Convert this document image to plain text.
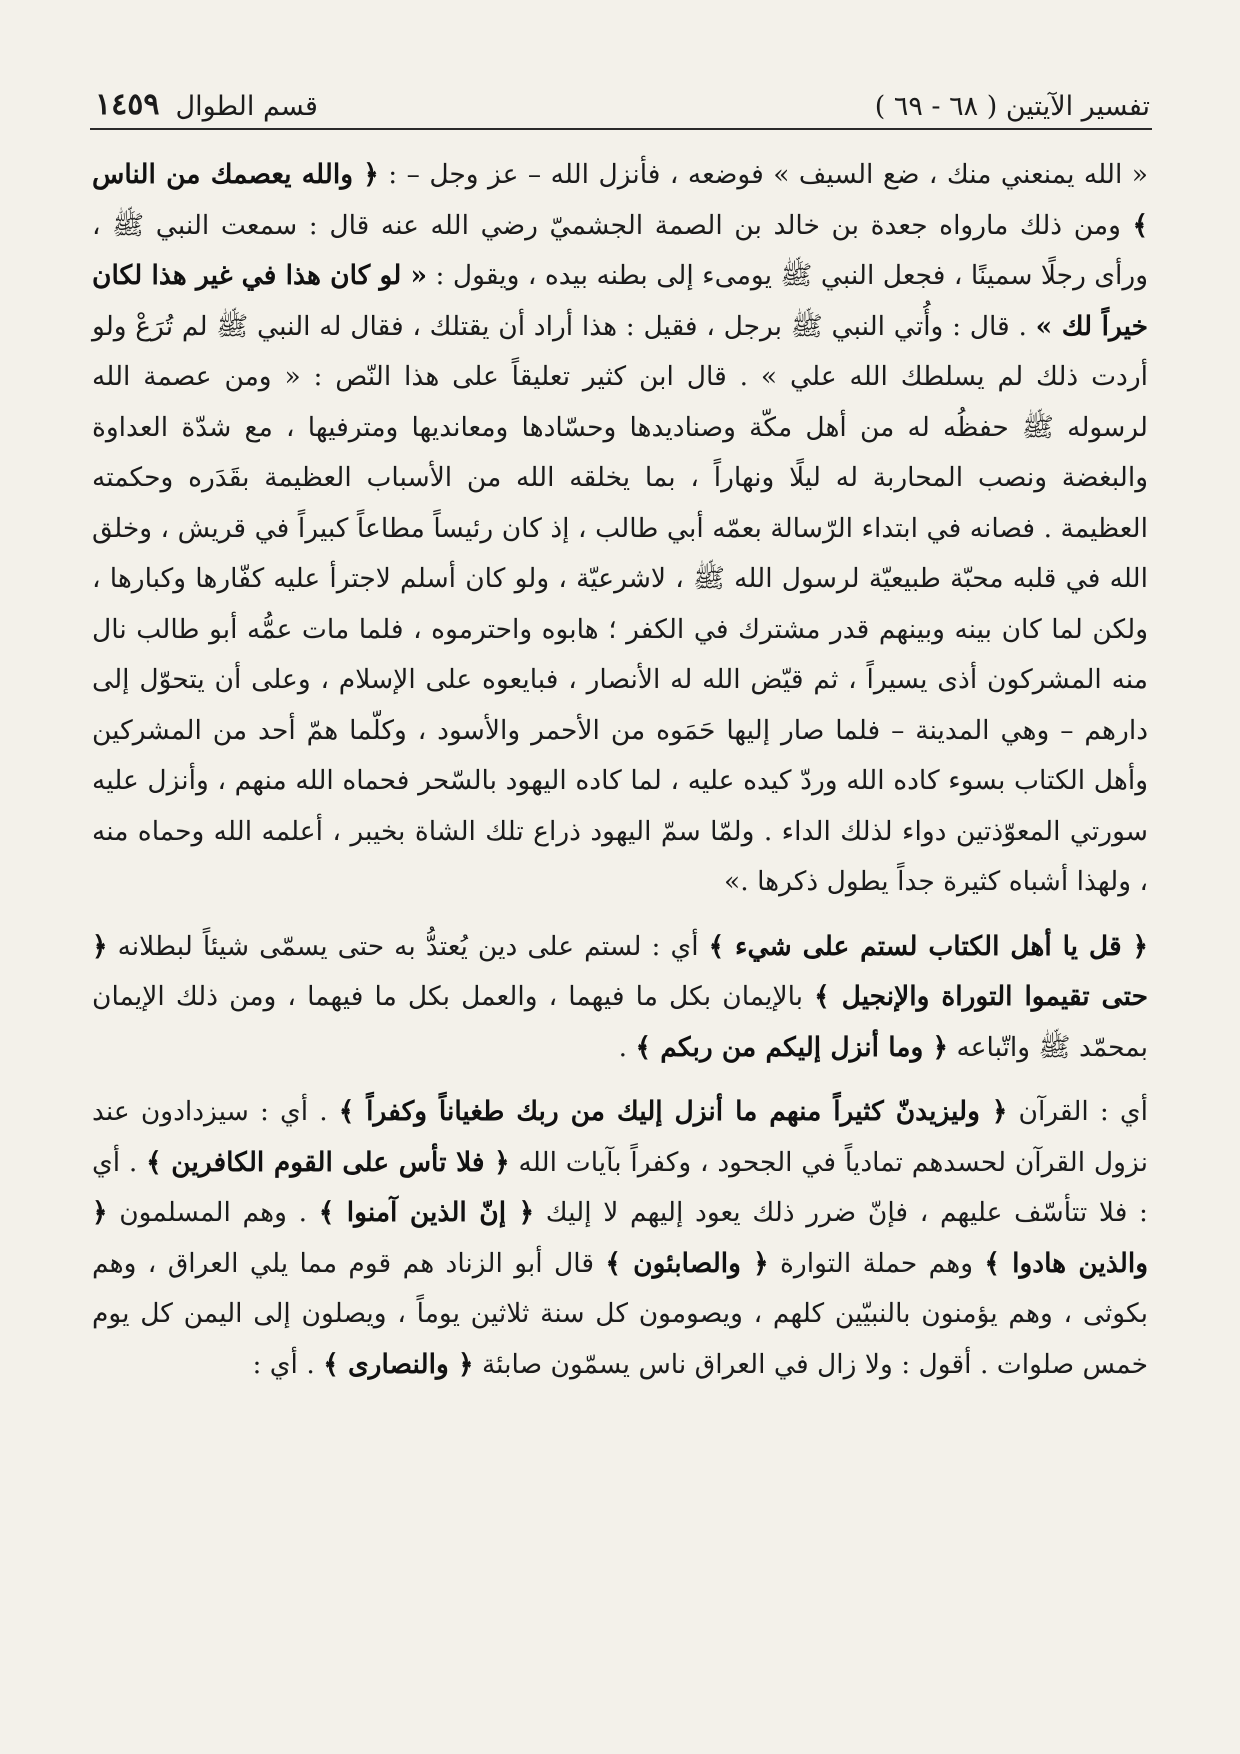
تفسير الآيتين ( ٦٨ - ٦٩ )
قسم الطوال
١٤٥٩

« الله يمنعني منك ، ضع السيف » فوضعه ، فأنزل الله – عز وجل – : ﴿ والله يعصمك من الناس ﴾ ومن ذلك مارواه جعدة بن خالد بن الصمة الجشميّ رضي الله عنه قال : سمعت النبي ﷺ ، ورأى رجلًا سمينًا ، فجعل النبي ﷺ يومىء إلى بطنه بيده ، ويقول : « لو كان هذا في غير هذا لكان خيراً لك » . قال : وأُتي النبي ﷺ برجل ، فقيل : هذا أراد أن يقتلك ، فقال له النبي ﷺ لم تُرَعْ ولو أردت ذلك لم يسلطك الله علي » . قال ابن كثير تعليقاً على هذا النّص : « ومن عصمة الله لرسوله ﷺ حفظُه له من أهل مكّة وصناديدها وحسّادها ومعانديها ومترفيها ، مع شدّة العداوة والبغضة ونصب المحاربة له ليلًا ونهاراً ، بما يخلقه الله من الأسباب العظيمة بقَدَره وحكمته العظيمة . فصانه في ابتداء الرّسالة بعمّه أبي طالب ، إذ كان رئيساً مطاعاً كبيراً في قريش ، وخلق الله في قلبه محبّة طبيعيّة لرسول الله ﷺ ، لاشرعيّة ، ولو كان أسلم لاجترأ عليه كفّارها وكبارها ، ولكن لما كان بينه وبينهم قدر مشترك في الكفر ؛ هابوه واحترموه ، فلما مات عمُّه أبو طالب نال منه المشركون أذى يسيراً ، ثم قيّض الله له الأنصار ، فبايعوه على الإسلام ، وعلى أن يتحوّل إلى دارهم – وهي المدينة – فلما صار إليها حَمَوه من الأحمر والأسود ، وكلّما همّ أحد من المشركين وأهل الكتاب بسوء كاده الله وردّ كيده عليه ، لما كاده اليهود بالسّحر فحماه الله منهم ، وأنزل عليه سورتي المعوّذتين دواء لذلك الداء . ولمّا سمّ اليهود ذراع تلك الشاة بخيبر ، أعلمه الله وحماه منه ، ولهذا أشباه كثيرة جداً يطول ذكرها .»

﴿ قل يا أهل الكتاب لستم على شيء ﴾ أي : لستم على دين يُعتدُّ به حتى يسمّى شيئاً لبطلانه ﴿ حتى تقيموا التوراة والإنجيل ﴾ بالإيمان بكل ما فيهما ، والعمل بكل ما فيهما ، ومن ذلك الإيمان بمحمّد ﷺ واتّباعه ﴿ وما أنزل إليكم من ربكم ﴾ .

أي : القرآن ﴿ وليزيدنّ كثيراً منهم ما أنزل إليك من ربك طغياناً وكفراً ﴾ . أي : سيزدادون عند نزول القرآن لحسدهم تمادياً في الجحود ، وكفراً بآيات الله ﴿ فلا تأس على القوم الكافرين ﴾ . أي : فلا تتأسّف عليهم ، فإنّ ضرر ذلك يعود إليهم لا إليك ﴿ إنّ الذين آمنوا ﴾ . وهم المسلمون ﴿ والذين هادوا ﴾ وهم حملة التوارة ﴿ والصابئون ﴾ قال أبو الزناد هم قوم مما يلي العراق ، وهم بكوثى ، وهم يؤمنون بالنبيّين كلهم ، ويصومون كل سنة ثلاثين يوماً ، ويصلون إلى اليمن كل يوم خمس صلوات . أقول : ولا زال في العراق ناس يسمّون صابئة ﴿ والنصارى ﴾ . أي :
